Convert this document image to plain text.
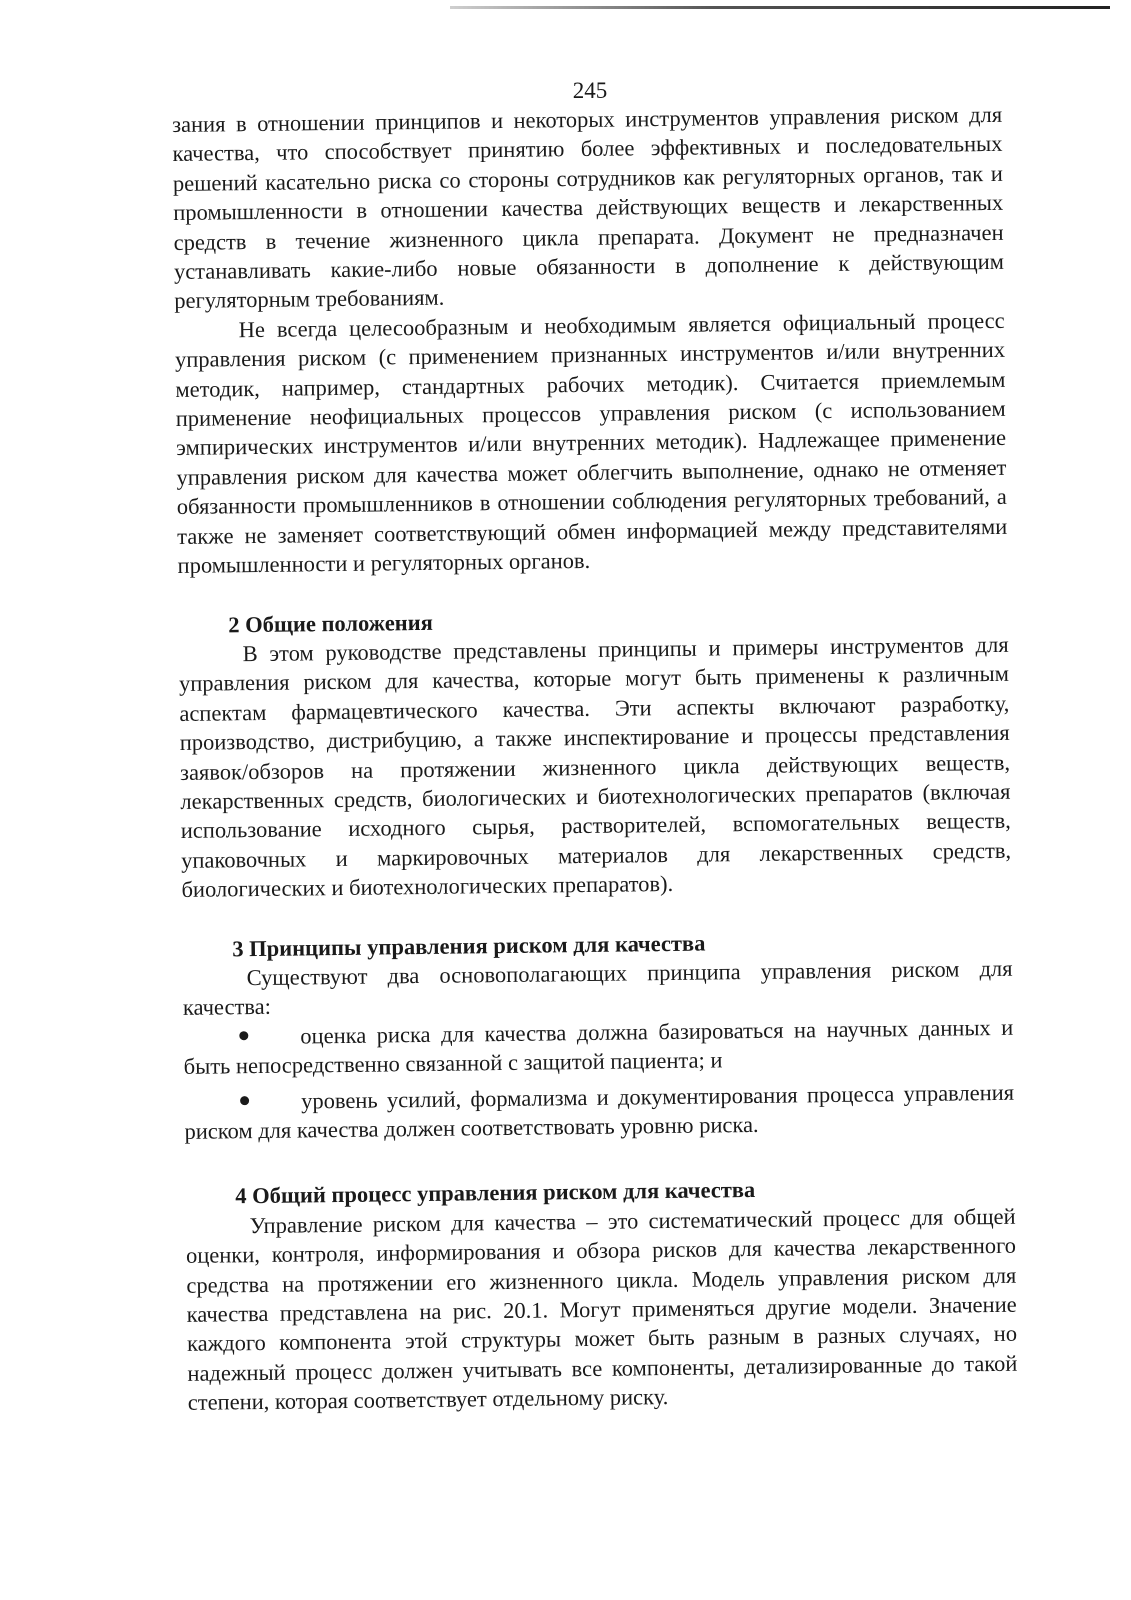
245

зания в отношении принципов и некоторых инструментов управления риском для качества, что способствует принятию более эффективных и последовательных решений касательно риска со стороны сотрудников как регуляторных органов, так и промышленности в отношении качества действующих веществ и лекарственных средств в течение жизненного цикла препарата. Документ не предназначен устанавливать какие-либо новые обязанности в дополнение к действующим регуляторным требованиям.

Не всегда целесообразным и необходимым является официальный процесс управления риском (с применением признанных инструментов и/или внутренних методик, например, стандартных рабочих методик). Считается приемлемым применение неофициальных процессов управления риском (с использованием эмпирических инструментов и/или внутренних методик). Надлежащее применение управления риском для качества может облегчить выполнение, однако не отменяет обязанности промышленников в отношении соблюдения регуляторных требований, а также не заменяет соответствующий обмен информацией между представителями промышленности и регуляторных органов.

2 Общие положения

В этом руководстве представлены принципы и примеры инструментов для управления риском для качества, которые могут быть применены к различным аспектам фармацевтического качества. Эти аспекты включают разработку, производство, дистрибуцию, а также инспектирование и процессы представления заявок/обзоров на протяжении жизненного цикла действующих веществ, лекарственных средств, биологических и биотехнологических препаратов (включая использование исходного сырья, растворителей, вспомогательных веществ, упаковочных и маркировочных материалов для лекарственных средств, биологических и биотехнологических препаратов).

3 Принципы управления риском для качества

Существуют два основополагающих принципа управления риском для качества:

оценка риска для качества должна базироваться на научных данных и быть непосредственно связанной с защитой пациента; и
уровень усилий, формализма и документирования процесса управления риском для качества должен соответствовать уровню риска.
4 Общий процесс управления риском для качества

Управление риском для качества – это систематический процесс для общей оценки, контроля, информирования и обзора рисков для качества лекарственного средства на протяжении его жизненного цикла. Модель управления риском для качества представлена на рис. 20.1. Могут применяться другие модели. Значение каждого компонента этой структуры может быть разным в разных случаях, но надежный процесс должен учитывать все компоненты, детализированные до такой степени, которая соответствует отдельному риску.
